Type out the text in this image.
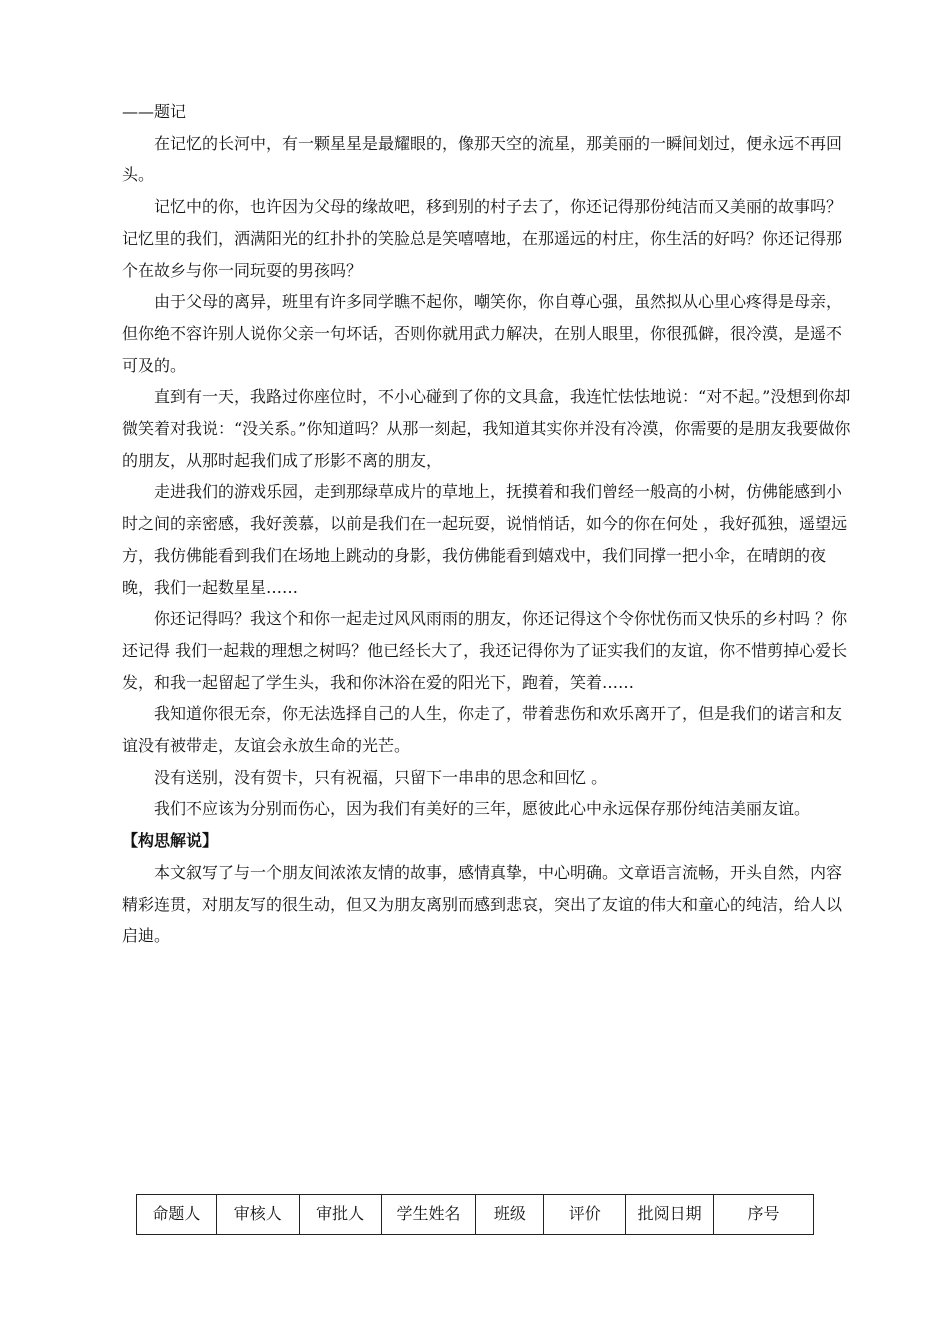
——题记

在记忆的长河中，有一颗星星是最耀眼的，像那天空的流星，那美丽的一瞬间划过，便永远不再回头。

记忆中的你，也许因为父母的缘故吧，移到别的村子去了，你还记得那份纯洁而又美丽的故事吗？记忆里的我们，洒满阳光的红扑扑的笑脸总是笑嘻嘻地，在那遥远的村庄，你生活的好吗？你还记得那个在故乡与你一同玩耍的男孩吗？

由于父母的离异，班里有许多同学瞧不起你，嘲笑你，你自尊心强，虽然拟从心里心疼得是母亲，但你绝不容许别人说你父亲一句坏话，否则你就用武力解决，在别人眼里，你很孤僻，很冷漠，是遥不可及的。

直到有一天，我路过你座位时，不小心碰到了你的文具盒，我连忙怯怯地说：“对不起。”没想到你却微笑着对我说：“没关系。”你知道吗？从那一刻起，我知道其实你并没有冷漠，你需要的是朋友我要做你的朋友，从那时起我们成了形影不离的朋友，

走进我们的游戏乐园，走到那绿草成片的草地上，抚摸着和我们曾经一般高的小树，仿佛能感到小时之间的亲密感，我好羡慕，以前是我们在一起玩耍，说悄悄话，如今的你在何处 ，我好孤独，遥望远方，我仿佛能看到我们在场地上跳动的身影，我仿佛能看到嬉戏中，我们同撑一把小伞，在晴朗的夜晚，我们一起数星星……

你还记得吗？我这个和你一起走过风风雨雨的朋友，你还记得这个令你忧伤而又快乐的乡村吗 ？你还记得 我们一起栽的理想之树吗？他已经长大了，我还记得你为了证实我们的友谊，你不惜剪掉心爱长发，和我一起留起了学生头，我和你沐浴在爱的阳光下，跑着，笑着……

我知道你很无奈，你无法选择自己的人生，你走了，带着悲伤和欢乐离开了，但是我们的诺言和友谊没有被带走，友谊会永放生命的光芒。

没有送别，没有贺卡，只有祝福，只留下一串串的思念和回忆 。

我们不应该为分别而伤心，因为我们有美好的三年，愿彼此心中永远保存那份纯洁美丽友谊。

【构思解说】

本文叙写了与一个朋友间浓浓友情的故事，感情真挚，中心明确。文章语言流畅，开头自然，内容精彩连贯，对朋友写的很生动，但又为朋友离别而感到悲哀，突出了友谊的伟大和童心的纯洁，给人以启迪。

命题人	审核人	审批人	学生姓名	班级	评价	批阅日期	序号
